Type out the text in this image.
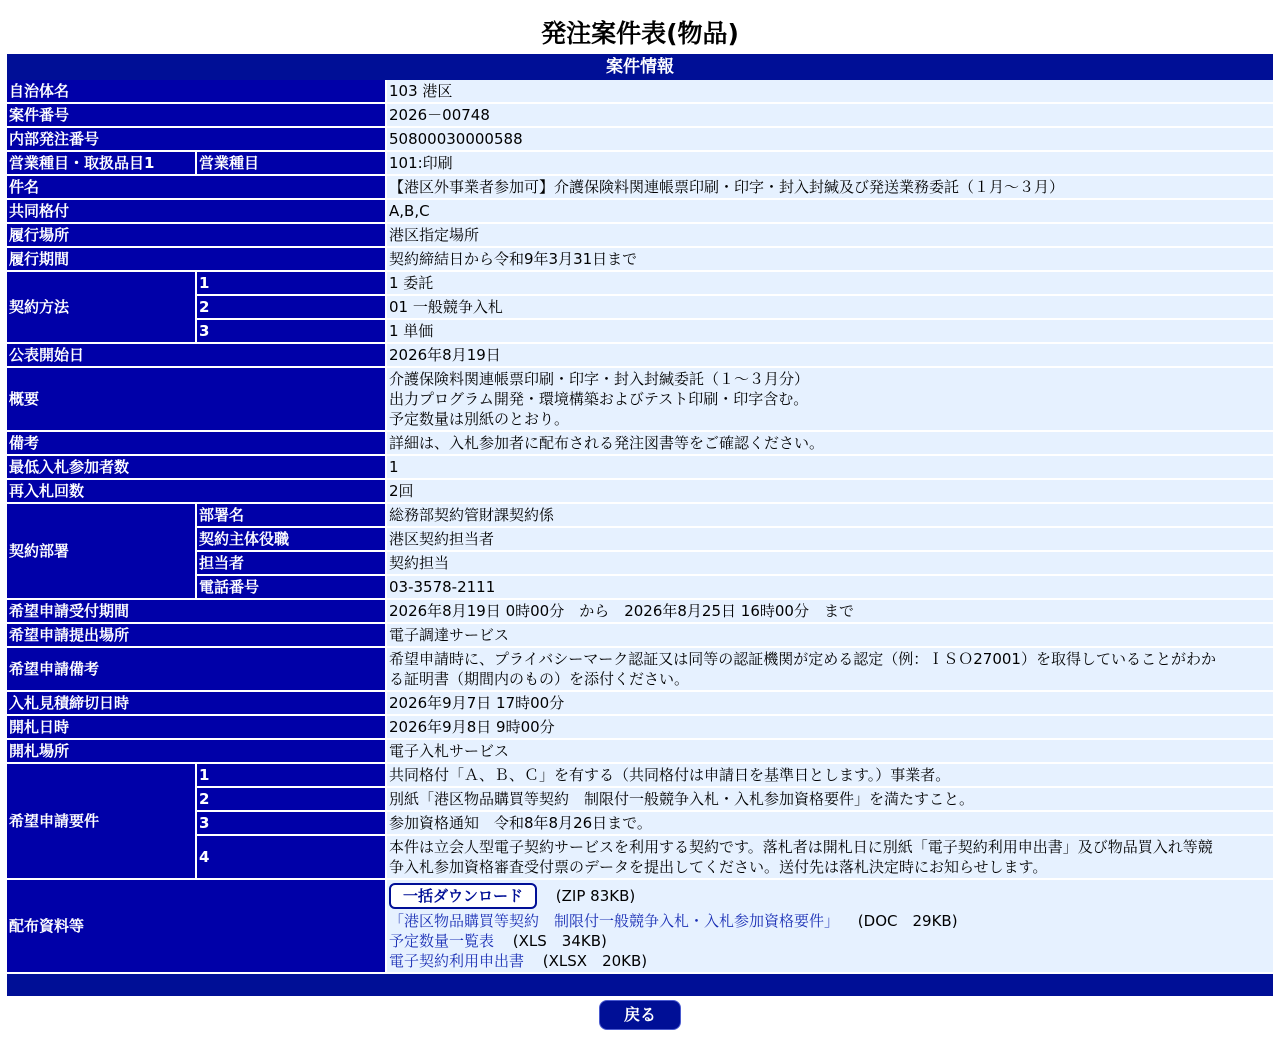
発注案件表(物品)
案件情報		
自治体名		103 港区
案件番号		2026－00748
内部発注番号		50800030000588
営業種目・取扱品目1	営業種目	101:印刷
件名		【港区外事業者参加可】介護保険料関連帳票印刷・印字・封入封緘及び発送業務委託（１月～３月）
共同格付		A,B,C
履行場所		港区指定場所
履行期間		契約締結日から令和9年3月31日まで
契約方法	1	1 委託
	2	01 一般競争入札
	3	1 単価
公表開始日		2026年8月19日
概要		介護保険料関連帳票印刷・印字・封入封緘委託（１～３月分）
出力プログラム開発・環境構築およびテスト印刷・印字含む。
予定数量は別紙のとおり。

備考		詳細は、入札参加者に配布される発注図書等をご確認ください。
最低入札参加者数		1
再入札回数		2回
契約部署	部署名	総務部契約管財課契約係
	契約主体役職	港区契約担当者
	担当者	契約担当
	電話番号	03-3578-2111
希望申請受付期間		2026年8月19日 0時00分　から　2026年8月25日 16時00分　まで
希望申請提出場所		電子調達サービス
希望申請備考		希望申請時に、プライバシーマーク認証又は同等の認証機関が定める認定（例：ＩＳＯ27001）を取得していることがわか
る証明書（期間内のもの）を添付ください。

入札見積締切日時		2026年9月7日 17時00分
開札日時		2026年9月8日 9時00分
開札場所		電子入札サービス
希望申請要件	1	共同格付「Ａ、Ｂ、Ｃ」を有する（共同格付は申請日を基準日とします。）事業者。
	2	別紙「港区物品購買等契約　制限付一般競争入札・入札参加資格要件」を満たすこと。
	3	参加資格通知　令和8年8月26日まで。
	4	本件は立会人型電子契約サービスを利用する契約です。落札者は開札日に別紙「電子契約利用申出書」及び物品買入れ等競
争入札参加資格審査受付票のデータを提出してください。送付先は落札決定時にお知らせします。

配布資料等		一括ダウンロード (ZIP 83KB)
「港区物品購買等契約　制限付一般競争入札・入札参加資格要件」 (DOC　29KB)
予定数量一覧表 (XLS　34KB)
電子契約利用申出書 (XLSX　20KB)

戻る
